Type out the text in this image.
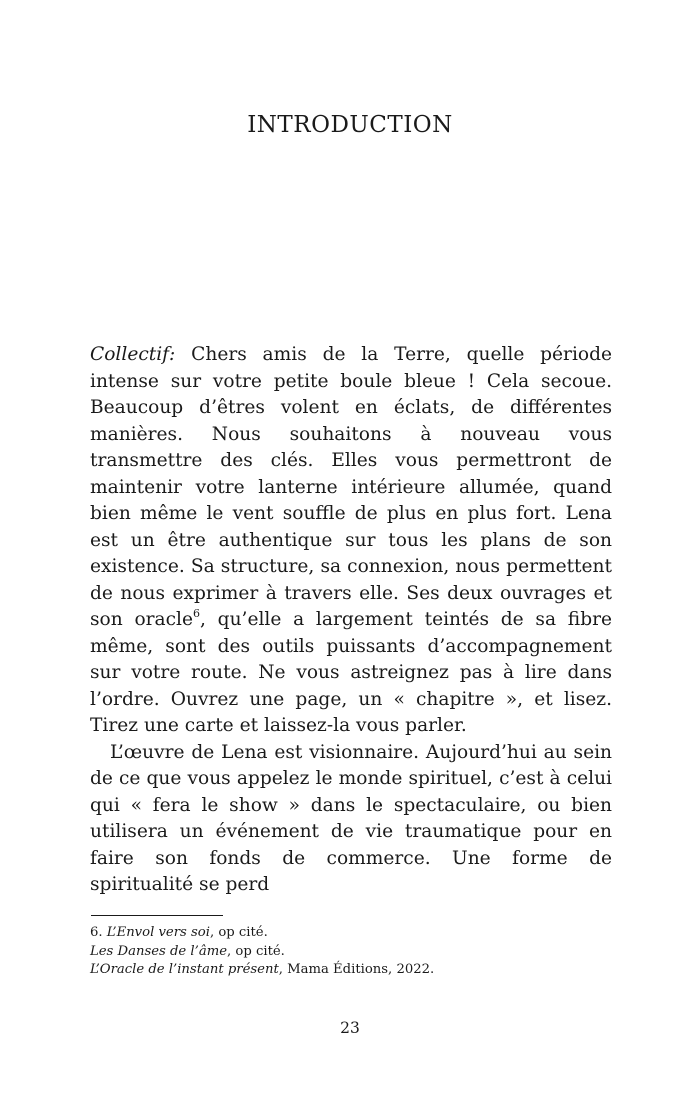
INTRODUCTION

Collectif: Chers amis de la Terre, quelle période intense sur votre petite boule bleue ! Cela secoue. Beaucoup d’êtres volent en éclats, de différentes manières. Nous souhaitons à nouveau vous transmettre des clés. Elles vous permettront de maintenir votre lanterne intérieure allumée, quand bien même le vent souffle de plus en plus fort. Lena est un être authentique sur tous les plans de son existence. Sa structure, sa connexion, nous permettent de nous exprimer à travers elle. Ses deux ouvrages et son oracle$^6$, qu’elle a largement teintés de sa fibre même, sont des outils puissants d’accompagnement sur votre route. Ne vous astreignez pas à lire dans l’ordre. Ouvrez une page, un « chapitre », et lisez. Tirez une carte et laissez-la vous parler.

L’œuvre de Lena est visionnaire. Aujourd’hui au sein de ce que vous appelez le monde spirituel, c’est à celui qui « fera le show » dans le spectaculaire, ou bien utilisera un événement de vie traumatique pour en faire son fonds de commerce. Une forme de spiritualité se perd

6. L’Envol vers soi, op cité.
Les Danses de l’âme, op cité.
L’Oracle de l’instant présent, Mama Éditions, 2022.
23
